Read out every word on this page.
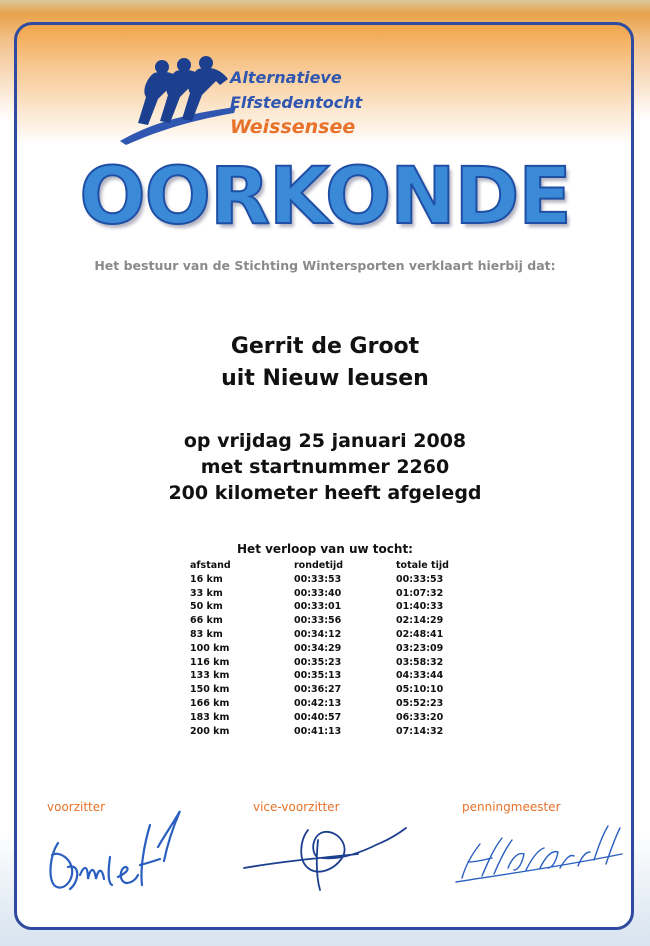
Alternatieve
Elfstedentocht
Weissensee
OORKONDE
Het bestuur van de Stichting Wintersporten verklaart hierbij dat:
Gerrit de Groot
uit Nieuw leusen
op vrijdag 25 januari 2008
met startnummer 2260
200 kilometer heeft afgelegd
Het verloop van uw tocht:
afstand	rondetijd	totale tijd
16 km	00:33:53	00:33:53
33 km	00:33:40	01:07:32
50 km	00:33:01	01:40:33
66 km	00:33:56	02:14:29
83 km	00:34:12	02:48:41
100 km	00:34:29	03:23:09
116 km	00:35:23	03:58:32
133 km	00:35:13	04:33:44
150 km	00:36:27	05:10:10
166 km	00:42:13	05:52:23
183 km	00:40:57	06:33:20
200 km	00:41:13	07:14:32
voorzitter	vice-voorzitter	penningmeester
